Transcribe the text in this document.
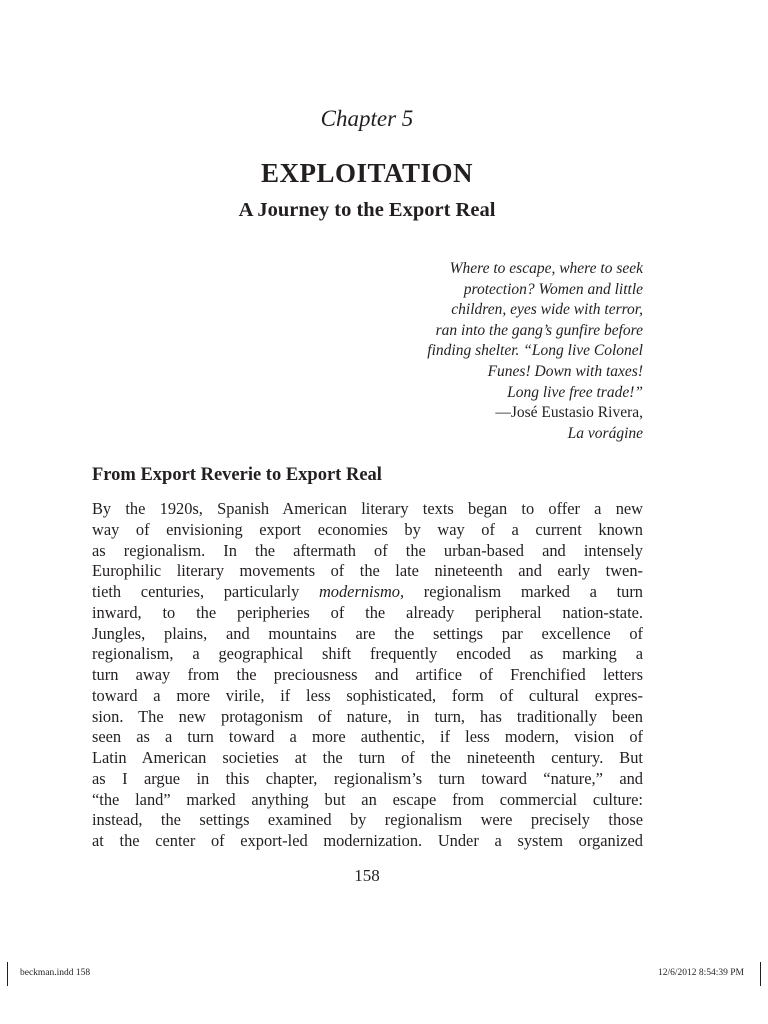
Chapter 5
EXPLOITATION
A Journey to the Export Real
Where to escape, where to seek
protection? Women and little
children, eyes wide with terror,
ran into the gang’s gunfire before
finding shelter. “Long live Colonel
Funes! Down with taxes!
Long live free trade!”
—José Eustasio Rivera,
La vorágine
From Export Reverie to Export Real
By the 1920s, Spanish American literary texts began to offer a new
way of envisioning export economies by way of a current known
as regionalism. In the aftermath of the urban-based and intensely
Europhilic literary movements of the late nineteenth and early twen-
tieth centuries, particularly modernismo, regionalism marked a turn
inward, to the peripheries of the already peripheral nation-state.
Jungles, plains, and mountains are the settings par excellence of
regionalism, a geographical shift frequently encoded as marking a
turn away from the preciousness and artifice of Frenchified letters
toward a more virile, if less sophisticated, form of cultural expres-
sion. The new protagonism of nature, in turn, has traditionally been
seen as a turn toward a more authentic, if less modern, vision of
Latin American societies at the turn of the nineteenth century. But
as I argue in this chapter, regionalism’s turn toward “nature,” and
“the land” marked anything but an escape from commercial culture:
instead, the settings examined by regionalism were precisely those
at the center of export-led modernization. Under a system organized
158
beckman.indd 158	12/6/2012 8:54:39 PM
